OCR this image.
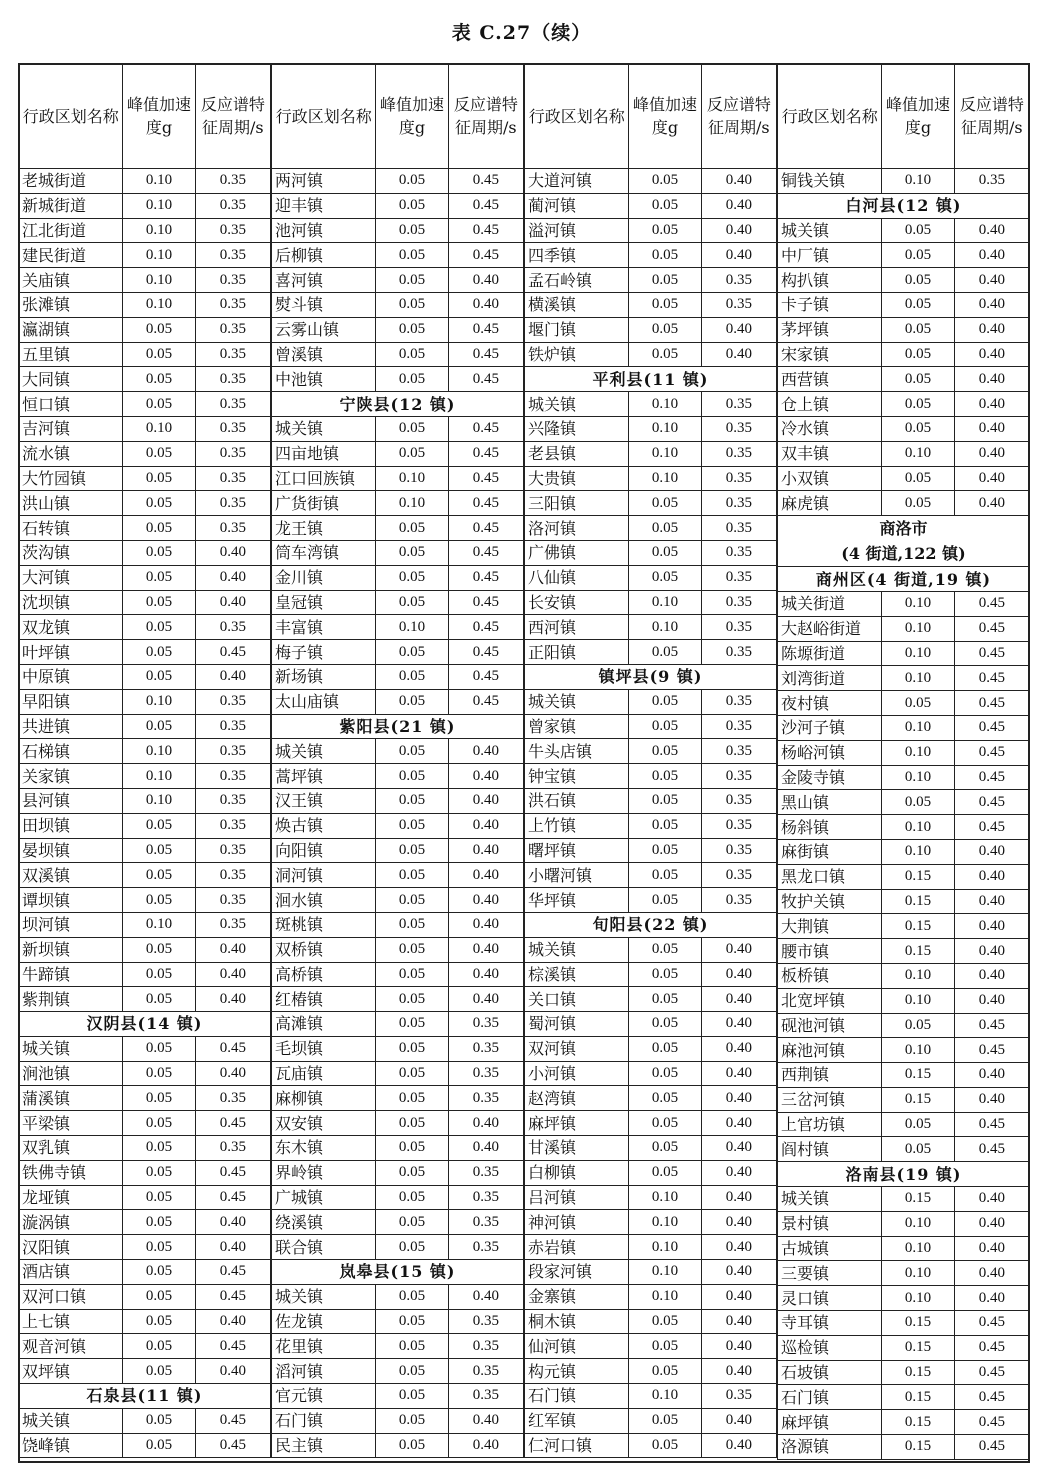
表 C.27（续）
行政区划名称	峰值加速度g	反应谱特征周期/s
老城街道	0.10	0.35
新城街道	0.10	0.35
江北街道	0.10	0.35
建民街道	0.10	0.35
关庙镇	0.10	0.35
张滩镇	0.10	0.35
瀛湖镇	0.05	0.35
五里镇	0.05	0.35
大同镇	0.05	0.35
恒口镇	0.05	0.35
吉河镇	0.10	0.35
流水镇	0.05	0.35
大竹园镇	0.05	0.35
洪山镇	0.05	0.35
石转镇	0.05	0.35
茨沟镇	0.05	0.40
大河镇	0.05	0.40
沈坝镇	0.05	0.40
双龙镇	0.05	0.35
叶坪镇	0.05	0.45
中原镇	0.05	0.40
早阳镇	0.10	0.35
共进镇	0.05	0.35
石梯镇	0.10	0.35
关家镇	0.10	0.35
县河镇	0.10	0.35
田坝镇	0.05	0.35
晏坝镇	0.05	0.35
双溪镇	0.05	0.35
谭坝镇	0.05	0.35
坝河镇	0.10	0.35
新坝镇	0.05	0.40
牛蹄镇	0.05	0.40
紫荆镇	0.05	0.40
汉阴县(14 镇)		
城关镇	0.05	0.45
涧池镇	0.05	0.40
蒲溪镇	0.05	0.35
平梁镇	0.05	0.45
双乳镇	0.05	0.35
铁佛寺镇	0.05	0.45
龙垭镇	0.05	0.45
漩涡镇	0.05	0.40
汉阳镇	0.05	0.40
酒店镇	0.05	0.45
双河口镇	0.05	0.45
上七镇	0.05	0.40
观音河镇	0.05	0.45
双坪镇	0.05	0.40
石泉县(11 镇)		
城关镇	0.05	0.45
饶峰镇	0.05	0.45
行政区划名称	峰值加速度g	反应谱特征周期/s
两河镇	0.05	0.45
迎丰镇	0.05	0.45
池河镇	0.05	0.45
后柳镇	0.05	0.45
喜河镇	0.05	0.40
熨斗镇	0.05	0.40
云雾山镇	0.05	0.45
曾溪镇	0.05	0.45
中池镇	0.05	0.45
宁陕县(12 镇)		
城关镇	0.05	0.45
四亩地镇	0.05	0.45
江口回族镇	0.10	0.45
广货街镇	0.10	0.45
龙王镇	0.05	0.45
筒车湾镇	0.05	0.45
金川镇	0.05	0.45
皇冠镇	0.05	0.45
丰富镇	0.10	0.45
梅子镇	0.05	0.45
新场镇	0.05	0.45
太山庙镇	0.05	0.45
紫阳县(21 镇)		
城关镇	0.05	0.40
蒿坪镇	0.05	0.40
汉王镇	0.05	0.40
焕古镇	0.05	0.40
向阳镇	0.05	0.40
洞河镇	0.05	0.40
洄水镇	0.05	0.40
斑桃镇	0.05	0.40
双桥镇	0.05	0.40
高桥镇	0.05	0.40
红椿镇	0.05	0.40
高滩镇	0.05	0.35
毛坝镇	0.05	0.35
瓦庙镇	0.05	0.35
麻柳镇	0.05	0.35
双安镇	0.05	0.40
东木镇	0.05	0.40
界岭镇	0.05	0.35
广城镇	0.05	0.35
绕溪镇	0.05	0.35
联合镇	0.05	0.35
岚皋县(15 镇)		
城关镇	0.05	0.40
佐龙镇	0.05	0.35
花里镇	0.05	0.35
滔河镇	0.05	0.35
官元镇	0.05	0.35
石门镇	0.05	0.40
民主镇	0.05	0.40
行政区划名称	峰值加速度g	反应谱特征周期/s
大道河镇	0.05	0.40
蔺河镇	0.05	0.40
溢河镇	0.05	0.40
四季镇	0.05	0.40
孟石岭镇	0.05	0.35
横溪镇	0.05	0.35
堰门镇	0.05	0.40
铁炉镇	0.05	0.40
平利县(11 镇)		
城关镇	0.10	0.35
兴隆镇	0.10	0.35
老县镇	0.10	0.35
大贵镇	0.10	0.35
三阳镇	0.05	0.35
洛河镇	0.05	0.35
广佛镇	0.05	0.35
八仙镇	0.05	0.35
长安镇	0.10	0.35
西河镇	0.10	0.35
正阳镇	0.05	0.35
镇坪县(9 镇)		
城关镇	0.05	0.35
曾家镇	0.05	0.35
牛头店镇	0.05	0.35
钟宝镇	0.05	0.35
洪石镇	0.05	0.35
上竹镇	0.05	0.35
曙坪镇	0.05	0.35
小曙河镇	0.05	0.35
华坪镇	0.05	0.35
旬阳县(22 镇)		
城关镇	0.05	0.40
棕溪镇	0.05	0.40
关口镇	0.05	0.40
蜀河镇	0.05	0.40
双河镇	0.05	0.40
小河镇	0.05	0.40
赵湾镇	0.05	0.40
麻坪镇	0.05	0.40
甘溪镇	0.05	0.40
白柳镇	0.05	0.40
吕河镇	0.10	0.40
神河镇	0.10	0.40
赤岩镇	0.10	0.40
段家河镇	0.10	0.40
金寨镇	0.10	0.40
桐木镇	0.05	0.40
仙河镇	0.05	0.40
构元镇	0.05	0.40
石门镇	0.10	0.35
红军镇	0.05	0.40
仁河口镇	0.05	0.40
行政区划名称	峰值加速度g	反应谱特征周期/s
铜钱关镇	0.10	0.35
白河县(12 镇)		
城关镇	0.05	0.40
中厂镇	0.05	0.40
构扒镇	0.05	0.40
卡子镇	0.05	0.40
茅坪镇	0.05	0.40
宋家镇	0.05	0.40
西营镇	0.05	0.40
仓上镇	0.05	0.40
冷水镇	0.05	0.40
双丰镇	0.10	0.40
小双镇	0.05	0.40
麻虎镇	0.05	0.40

商洛市
(4 街道,122 镇)		

商州区(4 街道,19 镇)		
城关街道	0.10	0.45
大赵峪街道	0.10	0.45
陈塬街道	0.10	0.45
刘湾街道	0.10	0.45
夜村镇	0.05	0.45
沙河子镇	0.10	0.45
杨峪河镇	0.10	0.45
金陵寺镇	0.10	0.45
黑山镇	0.05	0.45
杨斜镇	0.10	0.45
麻街镇	0.10	0.40
黑龙口镇	0.15	0.40
牧护关镇	0.15	0.40
大荆镇	0.15	0.40
腰市镇	0.15	0.40
板桥镇	0.10	0.40
北宽坪镇	0.10	0.40
砚池河镇	0.05	0.45
麻池河镇	0.10	0.45
西荆镇	0.15	0.40
三岔河镇	0.15	0.40
上官坊镇	0.05	0.45
阎村镇	0.05	0.45
洛南县(19 镇)		
城关镇	0.15	0.40
景村镇	0.10	0.40
古城镇	0.10	0.40
三要镇	0.10	0.40
灵口镇	0.10	0.40
寺耳镇	0.15	0.45
巡检镇	0.15	0.45
石坡镇	0.15	0.45
石门镇	0.15	0.45
麻坪镇	0.15	0.45
洛源镇	0.15	0.45
